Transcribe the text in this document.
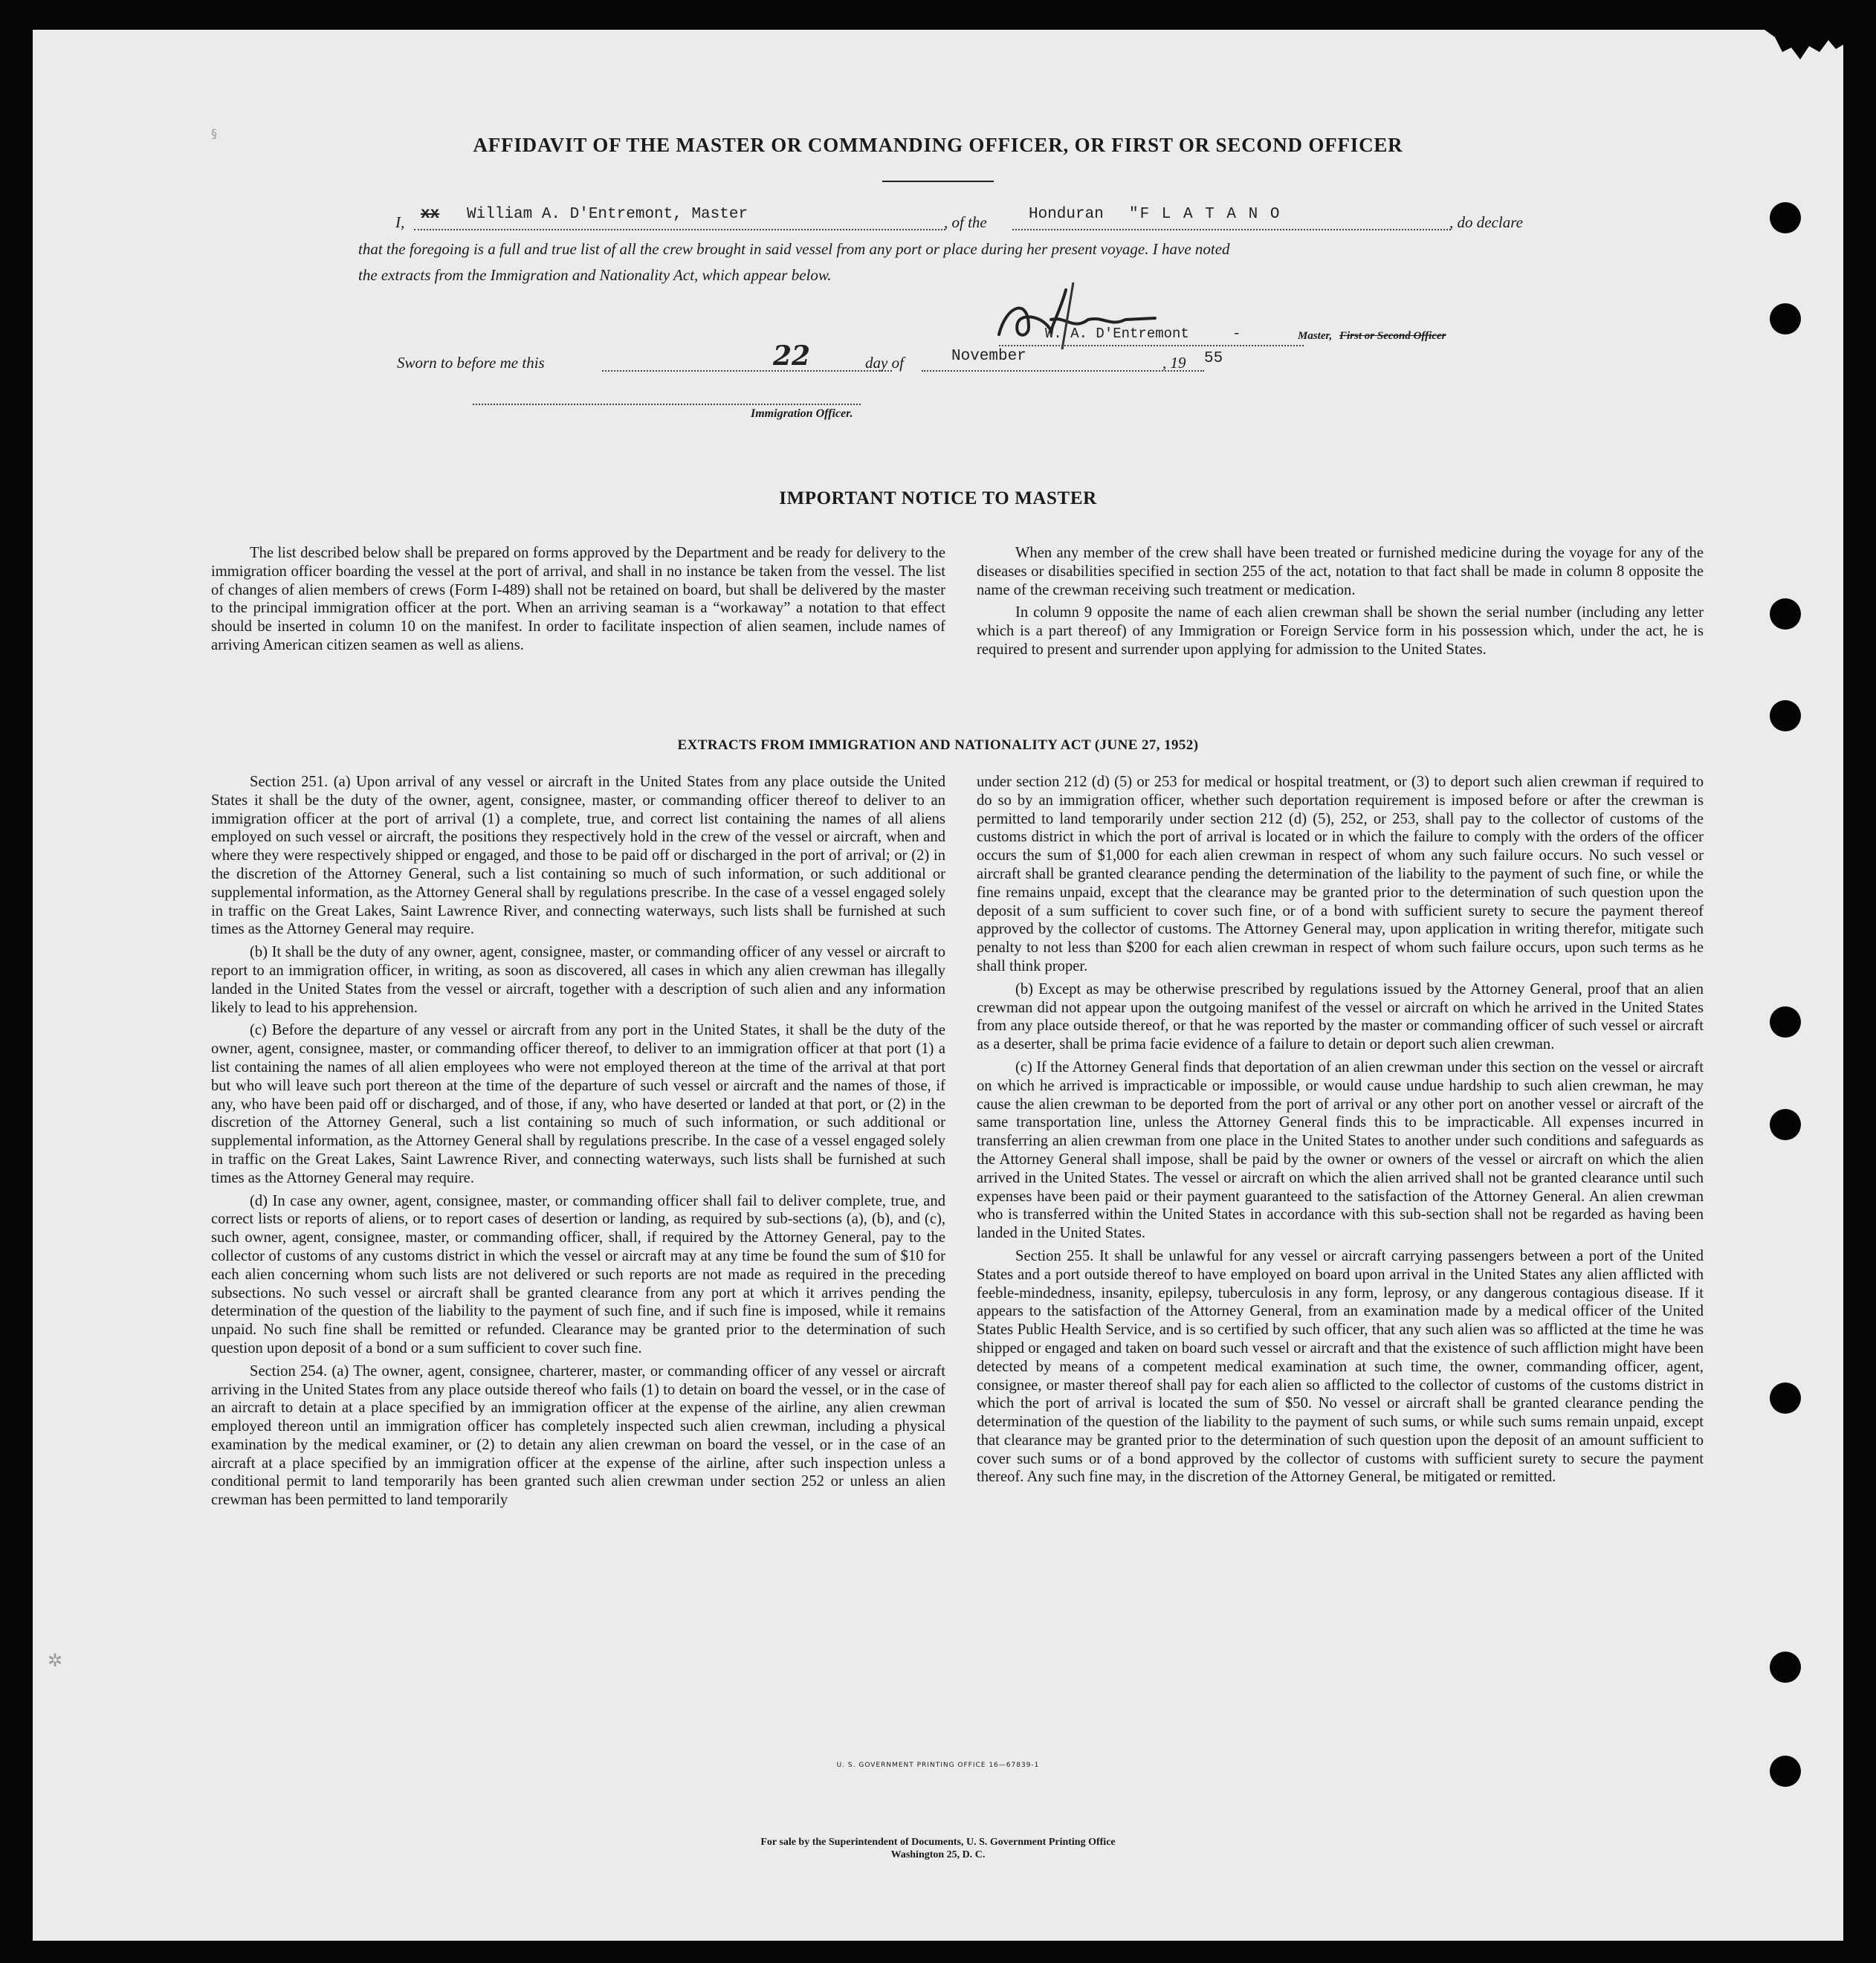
§
✲
AFFIDAVIT OF THE MASTER OR COMMANDING OFFICER, OR FIRST OR SECOND OFFICER
I, xx William A. D'Entremont, Master	, of the	Honduran "F L A T A N O	, do declare
that the foregoing is a full and true list of all the crew brought in said vessel from any port or place during her present voyage. I have noted
the extracts from the Immigration and Nationality Act, which appear below.
W. A. D'Entremont	-	Master, First or Second Officer
Sworn to before me this	22	day of	November	, 19 55
Immigration Officer.
IMPORTANT NOTICE TO MASTER

The list described below shall be prepared on forms approved by the Department and be ready for delivery to the immigration officer boarding the vessel at the port of arrival, and shall in no instance be taken from the vessel. The list of changes of alien members of crews (Form I-489) shall not be retained on board, but shall be delivered by the master to the principal immigration officer at the port. When an arriving seaman is a “workaway” a notation to that effect should be inserted in column 10 on the manifest. In order to facilitate inspection of alien seamen, include names of arriving American citizen seamen as well as aliens.

When any member of the crew shall have been treated or furnished medicine during the voyage for any of the diseases or disabilities specified in section 255 of the act, notation to that fact shall be made in column 8 opposite the name of the crewman receiving such treatment or medication.

In column 9 opposite the name of each alien crewman shall be shown the serial number (including any letter which is a part thereof) of any Immigration or Foreign Service form in his possession which, under the act, he is required to present and surrender upon applying for admission to the United States.

EXTRACTS FROM IMMIGRATION AND NATIONALITY ACT (JUNE 27, 1952)

Section 251. (a) Upon arrival of any vessel or aircraft in the United States from any place outside the United States it shall be the duty of the owner, agent, consignee, master, or commanding officer thereof to deliver to an immigration officer at the port of arrival (1) a complete, true, and correct list containing the names of all aliens employed on such vessel or aircraft, the positions they respectively hold in the crew of the vessel or aircraft, when and where they were respectively shipped or engaged, and those to be paid off or discharged in the port of arrival; or (2) in the discretion of the Attorney General, such a list containing so much of such information, or such additional or supplemental information, as the Attorney General shall by regulations prescribe. In the case of a vessel engaged solely in traffic on the Great Lakes, Saint Lawrence River, and connecting waterways, such lists shall be furnished at such times as the Attorney General may require.

(b) It shall be the duty of any owner, agent, consignee, master, or commanding officer of any vessel or aircraft to report to an immigration officer, in writing, as soon as discovered, all cases in which any alien crewman has illegally landed in the United States from the vessel or aircraft, together with a description of such alien and any information likely to lead to his apprehension.

(c) Before the departure of any vessel or aircraft from any port in the United States, it shall be the duty of the owner, agent, consignee, master, or commanding officer thereof, to deliver to an immigration officer at that port (1) a list containing the names of all alien employees who were not employed thereon at the time of the arrival at that port but who will leave such port thereon at the time of the departure of such vessel or aircraft and the names of those, if any, who have been paid off or discharged, and of those, if any, who have deserted or landed at that port, or (2) in the discretion of the Attorney General, such a list containing so much of such information, or such additional or supplemental information, as the Attorney General shall by regulations prescribe. In the case of a vessel engaged solely in traffic on the Great Lakes, Saint Lawrence River, and connecting waterways, such lists shall be furnished at such times as the Attorney General may require.

(d) In case any owner, agent, consignee, master, or commanding officer shall fail to deliver complete, true, and correct lists or reports of aliens, or to report cases of desertion or landing, as required by sub-sections (a), (b), and (c), such owner, agent, consignee, master, or commanding officer, shall, if required by the Attorney General, pay to the collector of customs of any customs district in which the vessel or aircraft may at any time be found the sum of $10 for each alien concerning whom such lists are not delivered or such reports are not made as required in the preceding subsections. No such vessel or aircraft shall be granted clearance from any port at which it arrives pending the determination of the question of the liability to the payment of such fine, and if such fine is imposed, while it remains unpaid. No such fine shall be remitted or refunded. Clearance may be granted prior to the determination of such question upon deposit of a bond or a sum sufficient to cover such fine.

Section 254. (a) The owner, agent, consignee, charterer, master, or commanding officer of any vessel or aircraft arriving in the United States from any place outside thereof who fails (1) to detain on board the vessel, or in the case of an aircraft to detain at a place specified by an immigration officer at the expense of the airline, any alien crewman employed thereon until an immigration officer has completely inspected such alien crewman, including a physical examination by the medical examiner, or (2) to detain any alien crewman on board the vessel, or in the case of an aircraft at a place specified by an immigration officer at the expense of the airline, after such inspection unless a conditional permit to land temporarily has been granted such alien crewman under section 252 or unless an alien crewman has been permitted to land temporarily

under section 212 (d) (5) or 253 for medical or hospital treatment, or (3) to deport such alien crewman if required to do so by an immigration officer, whether such deportation requirement is imposed before or after the crewman is permitted to land temporarily under section 212 (d) (5), 252, or 253, shall pay to the collector of customs of the customs district in which the port of arrival is located or in which the failure to comply with the orders of the officer occurs the sum of $1,000 for each alien crewman in respect of whom any such failure occurs. No such vessel or aircraft shall be granted clearance pending the determination of the liability to the payment of such fine, or while the fine remains unpaid, except that the clearance may be granted prior to the determination of such question upon the deposit of a sum sufficient to cover such fine, or of a bond with sufficient surety to secure the payment thereof approved by the collector of customs. The Attorney General may, upon application in writing therefor, mitigate such penalty to not less than $200 for each alien crewman in respect of whom such failure occurs, upon such terms as he shall think proper.

(b) Except as may be otherwise prescribed by regulations issued by the Attorney General, proof that an alien crewman did not appear upon the outgoing manifest of the vessel or aircraft on which he arrived in the United States from any place outside thereof, or that he was reported by the master or commanding officer of such vessel or aircraft as a deserter, shall be prima facie evidence of a failure to detain or deport such alien crewman.

(c) If the Attorney General finds that deportation of an alien crewman under this section on the vessel or aircraft on which he arrived is impracticable or impossible, or would cause undue hardship to such alien crewman, he may cause the alien crewman to be deported from the port of arrival or any other port on another vessel or aircraft of the same transportation line, unless the Attorney General finds this to be impracticable. All expenses incurred in transferring an alien crewman from one place in the United States to another under such conditions and safeguards as the Attorney General shall impose, shall be paid by the owner or owners of the vessel or aircraft on which the alien arrived in the United States. The vessel or aircraft on which the alien arrived shall not be granted clearance until such expenses have been paid or their payment guaranteed to the satisfaction of the Attorney General. An alien crewman who is transferred within the United States in accordance with this sub-section shall not be regarded as having been landed in the United States.

Section 255. It shall be unlawful for any vessel or aircraft carrying passengers between a port of the United States and a port outside thereof to have employed on board upon arrival in the United States any alien afflicted with feeble-mindedness, insanity, epilepsy, tuberculosis in any form, leprosy, or any dangerous contagious disease. If it appears to the satisfaction of the Attorney General, from an examination made by a medical officer of the United States Public Health Service, and is so certified by such officer, that any such alien was so afflicted at the time he was shipped or engaged and taken on board such vessel or aircraft and that the existence of such affliction might have been detected by means of a competent medical examination at such time, the owner, commanding officer, agent, consignee, or master thereof shall pay for each alien so afflicted to the collector of customs of the customs district in which the port of arrival is located the sum of $50. No vessel or aircraft shall be granted clearance pending the determination of the question of the liability to the payment of such sums, or while such sums remain unpaid, except that clearance may be granted prior to the determination of such question upon the deposit of an amount sufficient to cover such sums or of a bond approved by the collector of customs with sufficient surety to secure the payment thereof. Any such fine may, in the discretion of the Attorney General, be mitigated or remitted.

U. S. GOVERNMENT PRINTING OFFICE 16—67839-1
For sale by the Superintendent of Documents, U. S. Government Printing Office
Washington 25, D. C.
